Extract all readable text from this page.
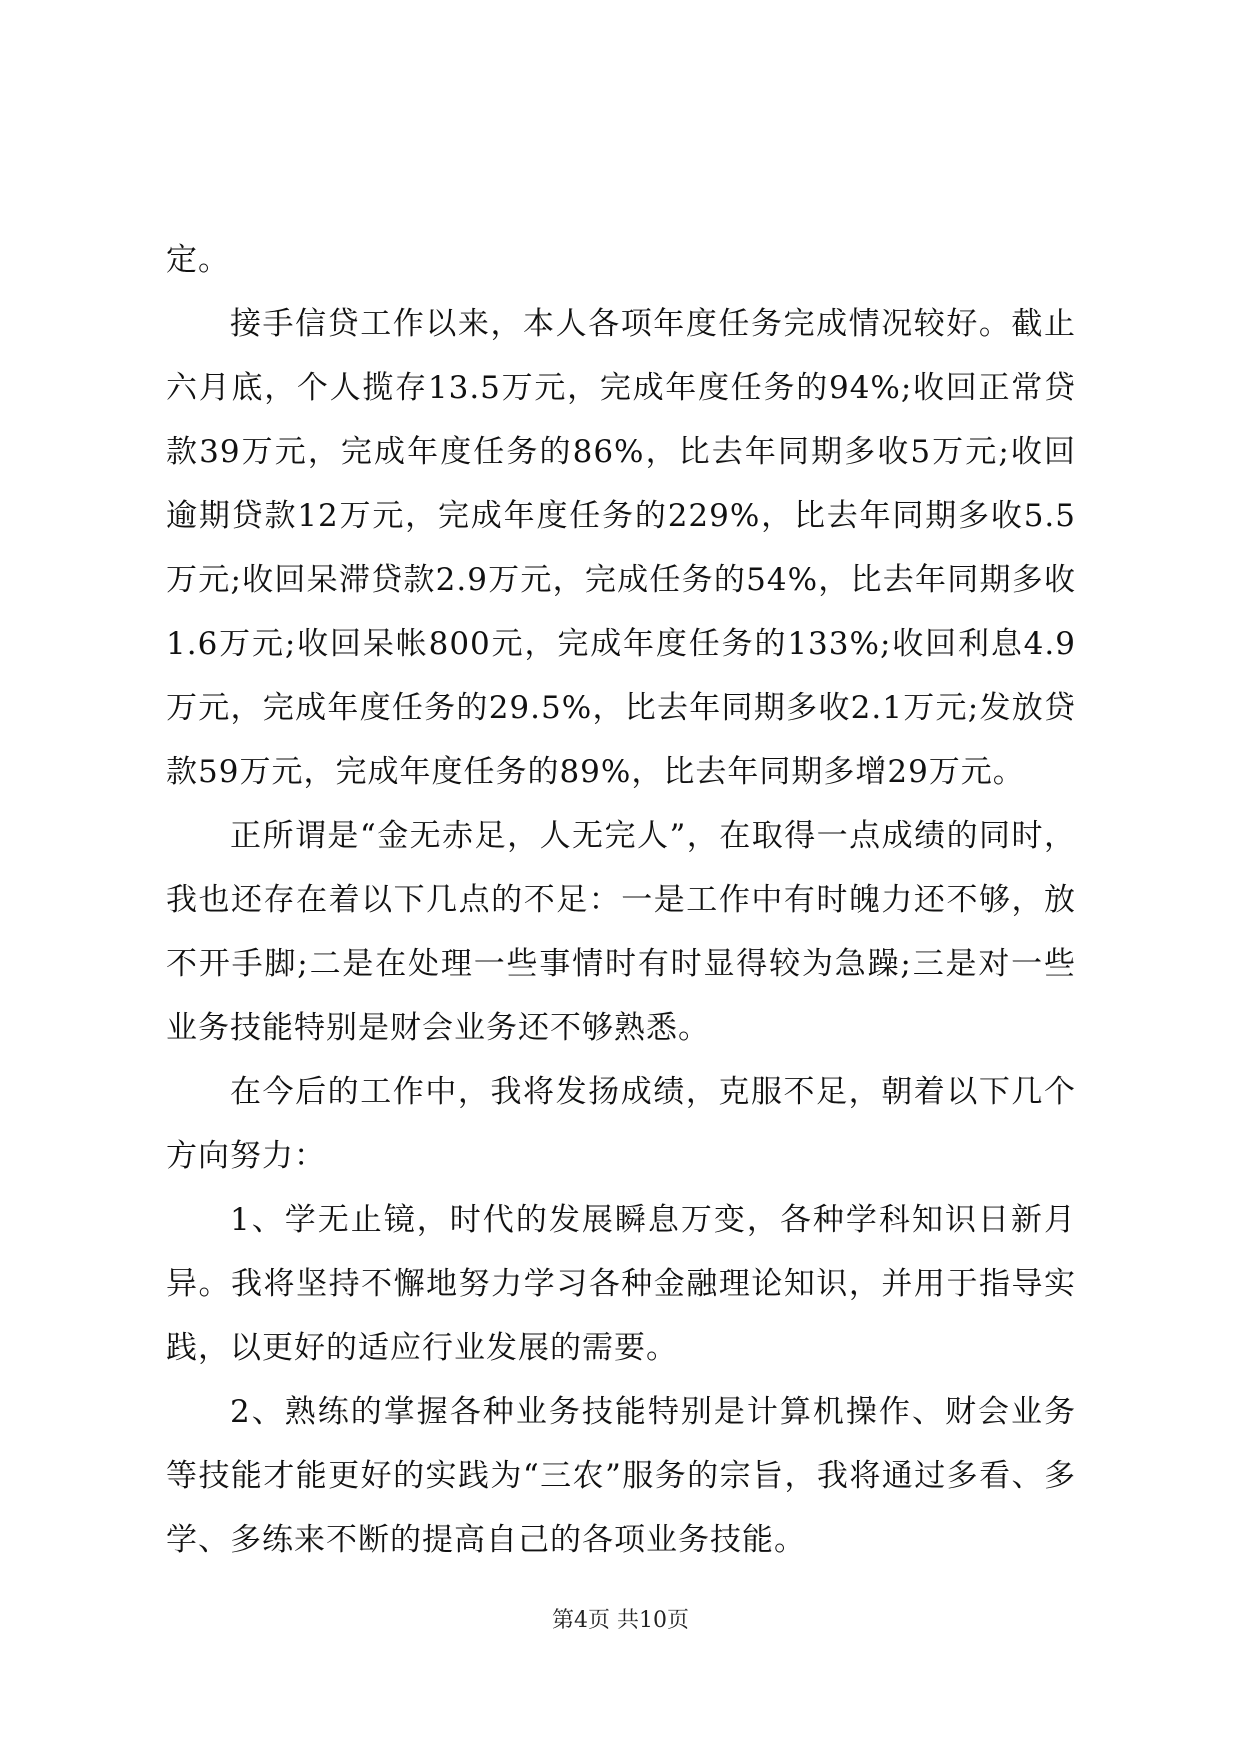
定。

接手信贷工作以来，本人各项年度任务完成情况较好。截止六月底，个人揽存13.5万元，完成年度任务的94%;收回正常贷款39万元，完成年度任务的86%，比去年同期多收5万元;收回逾期贷款12万元，完成年度任务的229%，比去年同期多收5.5万元;收回呆滞贷款2.9万元，完成任务的54%，比去年同期多收1.6万元;收回呆帐800元，完成年度任务的133%;收回利息4.9万元，完成年度任务的29.5%，比去年同期多收2.1万元;发放贷款59万元，完成年度任务的89%，比去年同期多增29万元。

正所谓是“金无赤足，人无完人”，在取得一点成绩的同时，我也还存在着以下几点的不足：一是工作中有时魄力还不够，放不开手脚;二是在处理一些事情时有时显得较为急躁;三是对一些业务技能特别是财会业务还不够熟悉。

在今后的工作中，我将发扬成绩，克服不足，朝着以下几个方向努力：

1、学无止镜，时代的发展瞬息万变，各种学科知识日新月异。我将坚持不懈地努力学习各种金融理论知识，并用于指导实践，以更好的适应行业发展的需要。

2、熟练的掌握各种业务技能特别是计算机操作、财会业务等技能才能更好的实践为“三农”服务的宗旨，我将通过多看、多学、多练来不断的提高自己的各项业务技能。

第4页 共10页
